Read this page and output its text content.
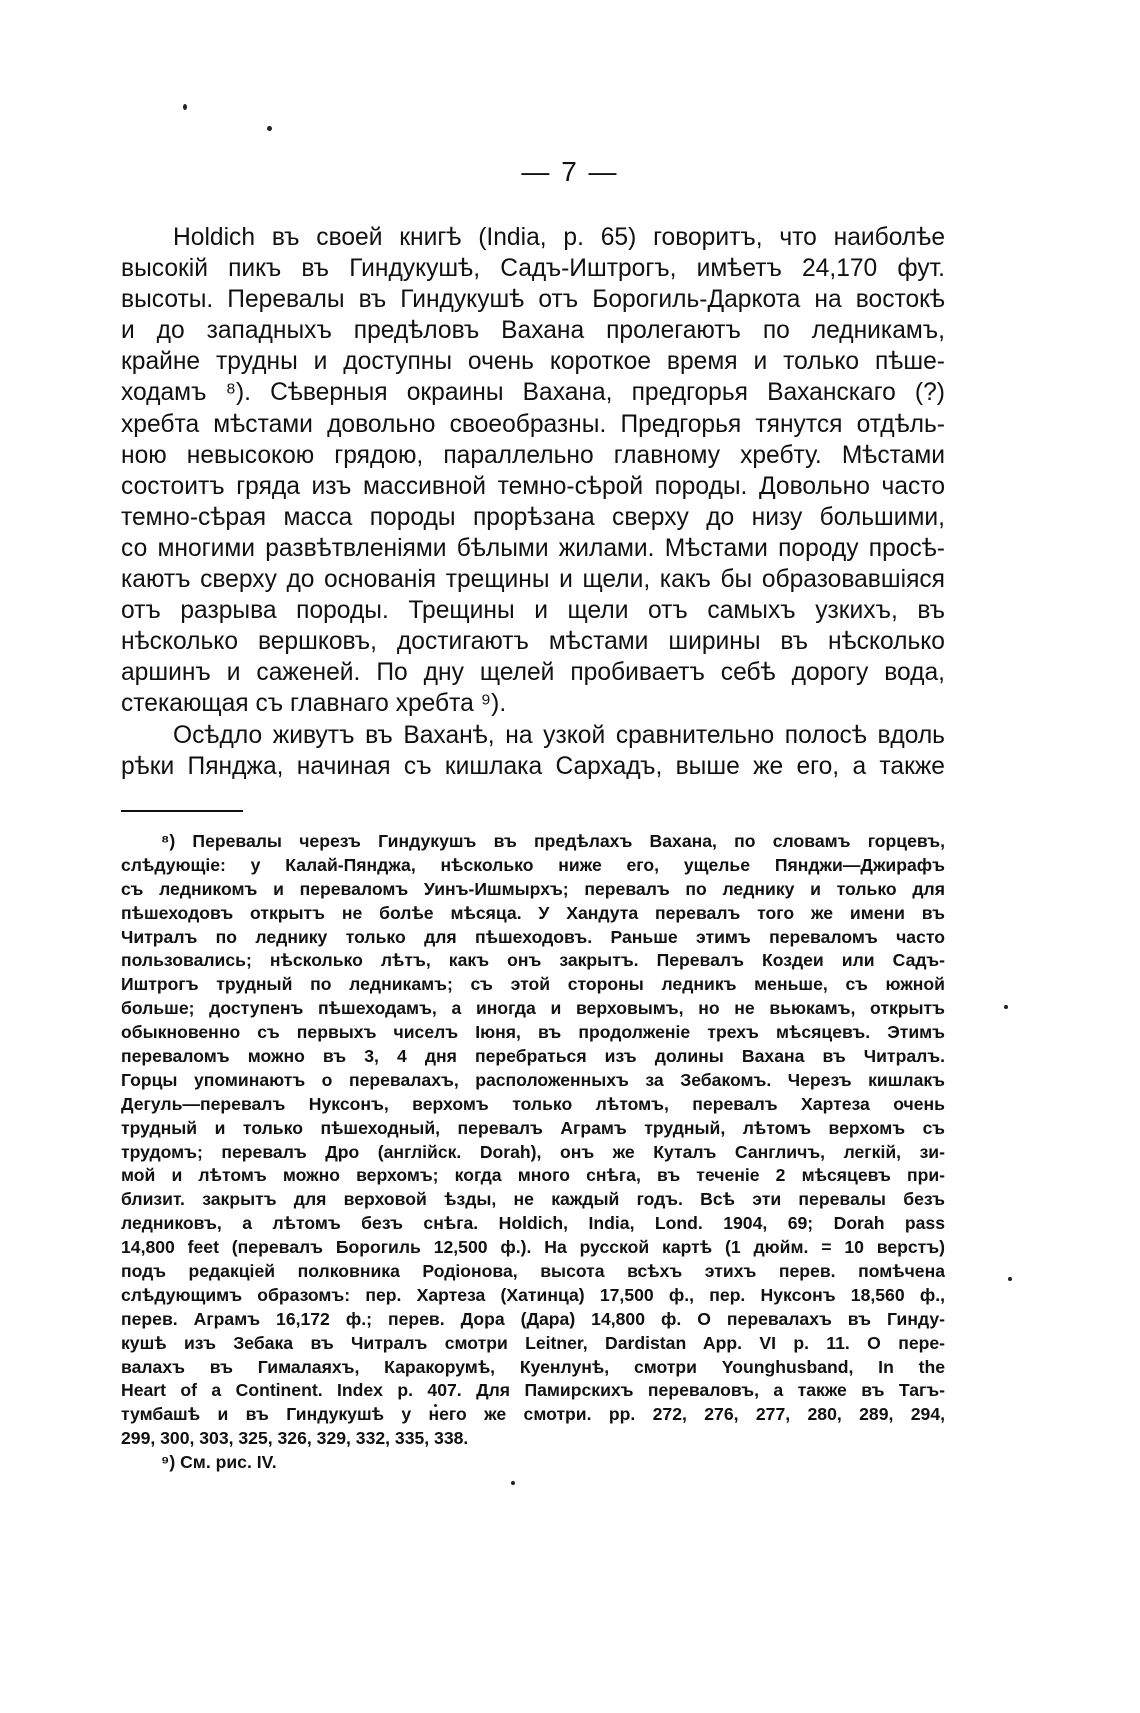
— 7 —
Holdich въ своей книгѣ (India, p. 65) говоритъ, что наиболѣе
высокій пикъ въ Гиндукушѣ, Садъ-Иштрогъ, имѣетъ 24,170 фут.
высоты. Перевалы въ Гиндукушѣ отъ Борогиль-Даркота на востокѣ
и до западныхъ предѣловъ Вахана пролегаютъ по ледникамъ,
крайне трудны и доступны очень короткое время и только пѣше-
ходамъ ⁸). Сѣверныя окраины Вахана, предгорья Ваханскаго (?)
хребта мѣстами довольно своеобразны. Предгорья тянутся отдѣль-
ною невысокою грядою, параллельно главному хребту. Мѣстами
состоитъ гряда изъ массивной темно-сѣрой породы. Довольно часто
темно-сѣрая масса породы прорѣзана сверху до низу большими,
со многими развѣтвленіями бѣлыми жилами. Мѣстами породу просѣ-
каютъ сверху до основанія трещины и щели, какъ бы образовавшіяся
отъ разрыва породы. Трещины и щели отъ самыхъ узкихъ, въ
нѣсколько вершковъ, достигаютъ мѣстами ширины въ нѣсколько
аршинъ и саженей. По дну щелей пробиваетъ себѣ дорогу вода,
стекающая съ главнаго хребта ⁹).
Осѣдло живутъ въ Ваханѣ, на узкой сравнительно полосѣ вдоль
рѣки Пянджа, начиная съ кишлака Сархадъ, выше же его, а также
⁸) Перевалы черезъ Гиндукушъ въ предѣлахъ Вахана, по словамъ горцевъ,
слѣдующіе: у Калай-Пянджа, нѣсколько ниже его, ущелье Пянджи—Джирафъ
съ ледникомъ и переваломъ Уинъ-Ишмырхъ; перевалъ по леднику и только для
пѣшеходовъ открытъ не болѣе мѣсяца. У Хандута перевалъ того же имени въ
Читралъ по леднику только для пѣшеходовъ. Раньше этимъ переваломъ часто
пользовались; нѣсколько лѣтъ, какъ онъ закрытъ. Перевалъ Коздеи или Садъ-
Иштрогъ трудный по ледникамъ; съ этой стороны ледникъ меньше, съ южной
больше; доступенъ пѣшеходамъ, а иногда и верховымъ, но не вьюкамъ, открытъ
обыкновенно съ первыхъ чиселъ Іюня, въ продолженіе трехъ мѣсяцевъ. Этимъ
переваломъ можно въ 3, 4 дня перебраться изъ долины Вахана въ Читралъ.
Горцы упоминаютъ о перевалахъ, расположенныхъ за Зебакомъ. Черезъ кишлакъ
Дегуль—перевалъ Нуксонъ, верхомъ только лѣтомъ, перевалъ Хартеза очень
трудный и только пѣшеходный, перевалъ Аграмъ трудный, лѣтомъ верхомъ съ
трудомъ; перевалъ Дро (англійск. Dorah), онъ же Куталъ Сангличъ, легкій, зи-
мой и лѣтомъ можно верхомъ; когда много снѣга, въ теченіе 2 мѣсяцевъ при-
близит. закрытъ для верховой ѣзды, не каждый годъ. Всѣ эти перевалы безъ
ледниковъ, а лѣтомъ безъ снѣга. Holdich, India, Lond. 1904, 69; Dorah pass
14,800 feet (перевалъ Борогиль 12,500 ф.). На русской картѣ (1 дюйм. = 10 верстъ)
подъ редакціей полковника Родіонова, высота всѣхъ этихъ перев. помѣчена
слѣдующимъ образомъ: пер. Хартеза (Хатинца) 17,500 ф., пер. Нуксонъ 18,560 ф.,
перев. Аграмъ 16,172 ф.; перев. Дора (Дара) 14,800 ф. О перевалахъ въ Гинду-
кушѣ изъ Зебака въ Читралъ смотри Leitner, Dardistan App. VI p. 11. О пере-
валахъ въ Гималаяхъ, Каракорумѣ, Куенлунѣ, смотри Younghusband, In the
Heart of a Continent. Index p. 407. Для Памирскихъ переваловъ, а также въ Тагъ-
тумбашѣ и въ Гиндукушѣ у него же смотри. pp. 272, 276, 277, 280, 289, 294,
299, 300, 303, 325, 326, 329, 332, 335, 338.
⁹) См. рис. IV.
